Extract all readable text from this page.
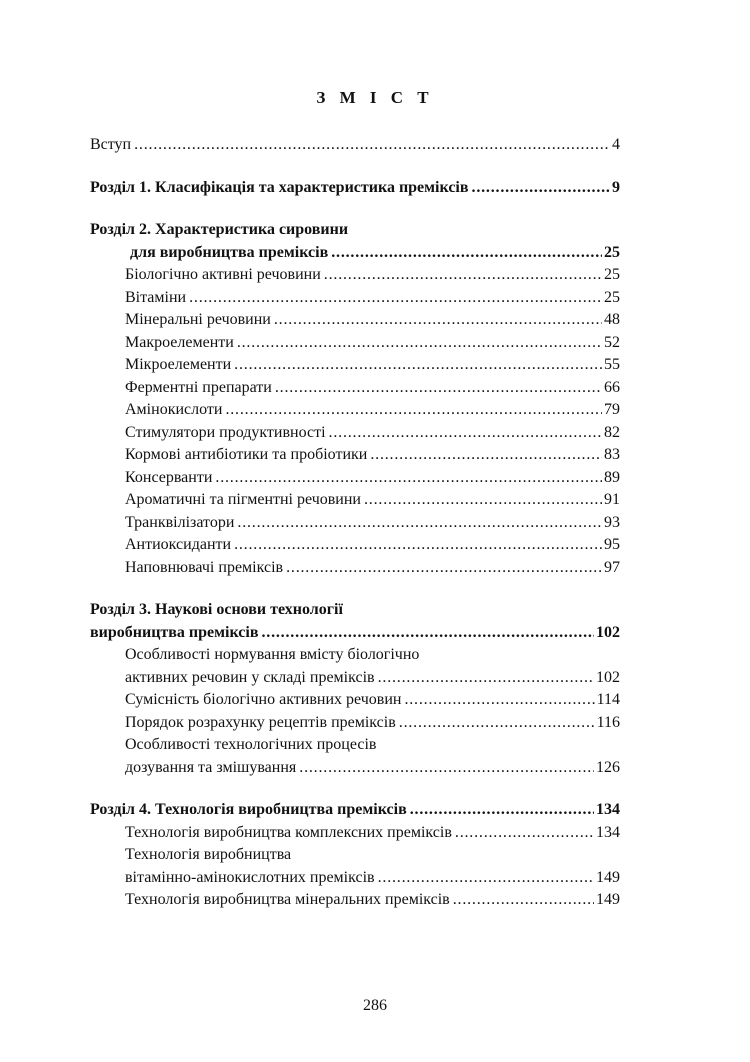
З М І С Т
Вступ . . .	4
Розділ 1. Класифікація та характеристика преміксів . . .	9
Розділ 2. Характеристика сировини
для виробництва преміксів . . .	25
Біологічно активні речовини . . .	25
Вітаміни . . .	25
Мінеральні речовини . . .	48
Макроелементи . . .	52
Мікроелементи . . .	55
Ферментні препарати . . .	66
Амінокислоти . . .	79
Стимулятори продуктивності . . .	82
Кормові антибіотики та пробіотики . . .	83
Консерванти . . .	89
Ароматичні та пігментні речовини . . .	91
Транквілізатори . . .	93
Антиоксиданти . . .	95
Наповнювачі преміксів . . .	97
Розділ 3. Наукові основи технології
виробництва преміксів . . .	102
Особливості нормування вмісту біологічно
активних речовин у складі преміксів . . .	102
Сумісність біологічно активних речовин . . .	114
Порядок розрахунку рецептів преміксів . . .	116
Особливості технологічних процесів
дозування та змішування . . .	126
Розділ 4. Технологія виробництва преміксів . . .	134
Технологія виробництва комплексних преміксів . . .	134
Технологія виробництва
вітамінно-амінокислотних преміксів . . .	149
Технологія виробництва мінеральних преміксів . . .	149
286
